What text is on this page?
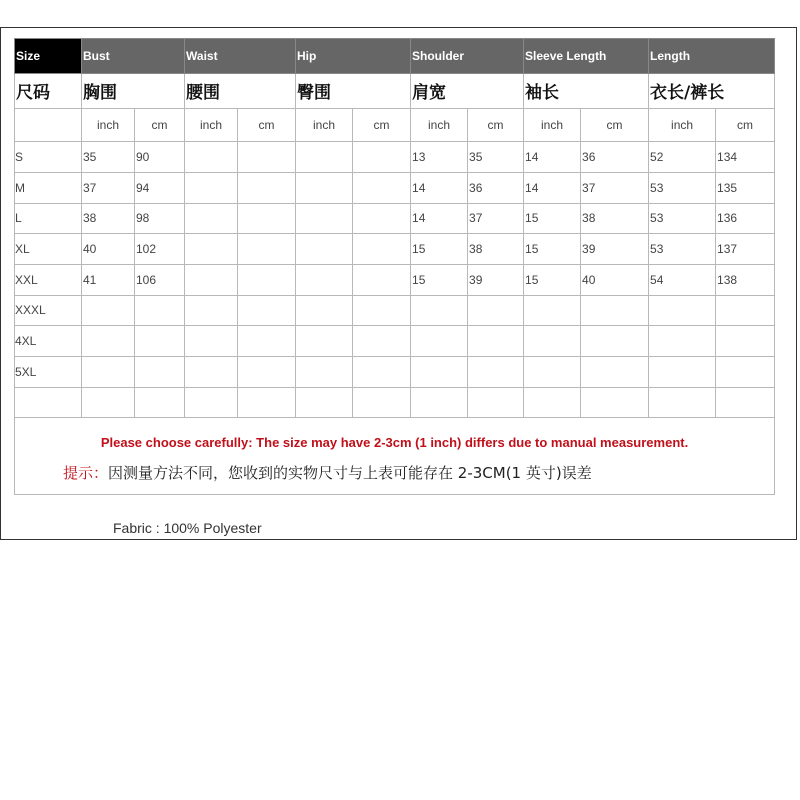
Size	Bust		Waist		Hip		Shoulder		Sleeve Length		Length	
尺码	胸围		腰围		臀围		肩宽		袖长		衣长/裤长	
	inch	cm	inch	cm	inch	cm	inch	cm	inch	cm	inch	cm
S	35	90					13	35	14	36	52	134
M	37	94					14	36	14	37	53	135
L	38	98					14	37	15	38	53	136
XL	40	102					15	38	15	39	53	137
XXL	41	106					15	39	15	40	54	138
XXXL												
4XL												
5XL												

Please choose carefully: The size may have 2-3cm (1 inch) differs due to manual measurement.
提示：因测量方法不同，您收到的实物尺寸与上表可能存在 2-3CM(1 英寸)误差												
Fabric : 100% Polyester
